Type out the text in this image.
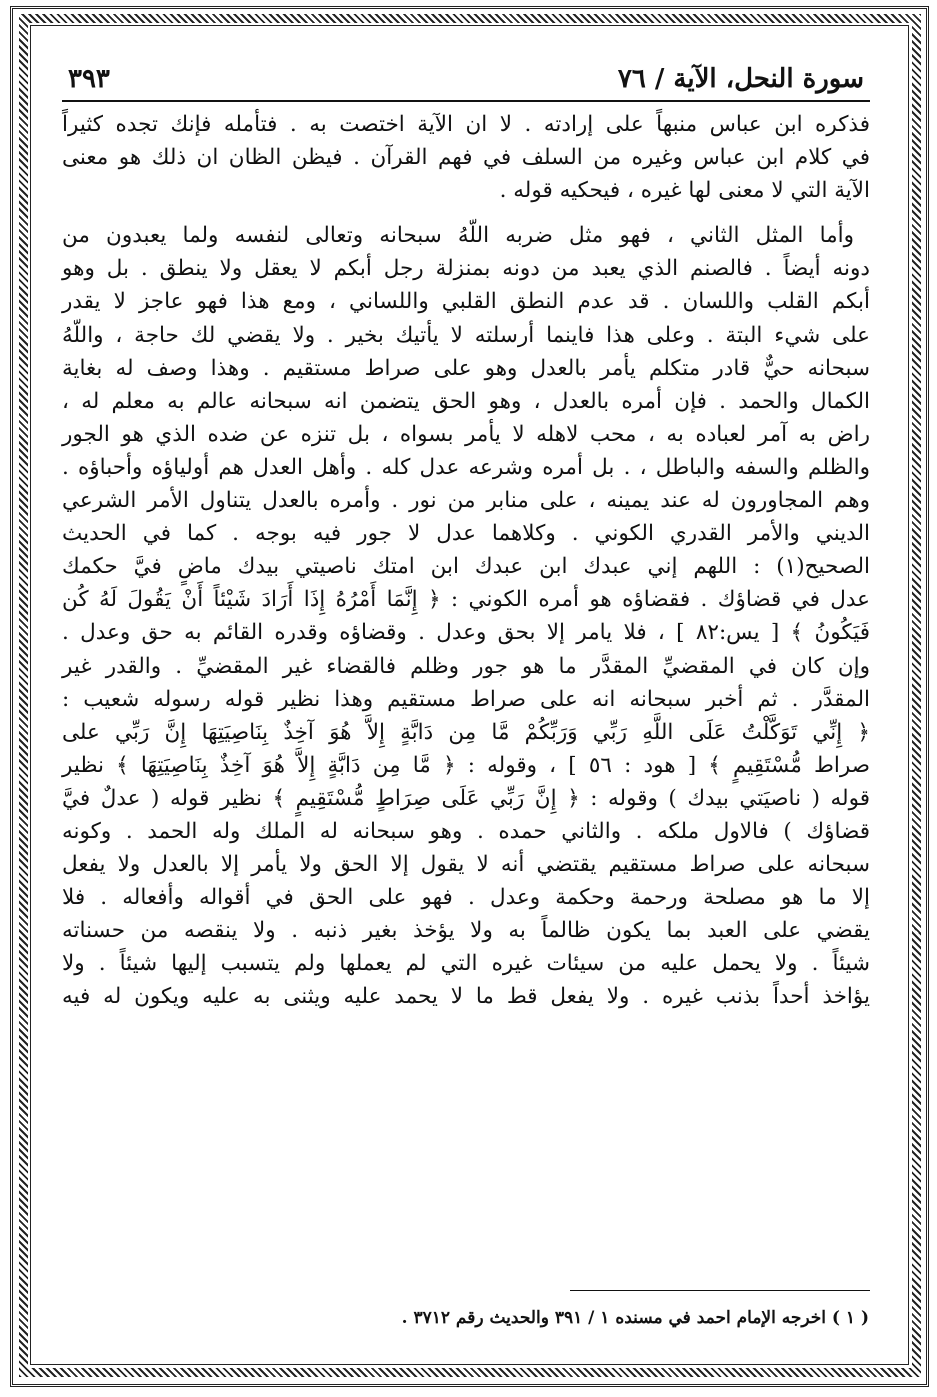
سورة النحل، الآية / ٧٦
٣٩٣

فذكره ابن عباس منبهاً على إرادته . لا ان الآية اختصت به . فتأمله فإنك تجده كثيراً

في كلام ابن عباس وغيره من السلف في فهم القرآن . فيظن الظان ان ذلك هو معنى

الآية التي لا معنى لها غيره ، فيحكيه قوله .

وأما المثل الثاني ، فهو مثل ضربه اللّهُ سبحانه وتعالى لنفسه ولما يعبدون من

دونه أيضاً . فالصنم الذي يعبد من دونه بمنزلة رجل أبكم لا يعقل ولا ينطق . بل وهو

أبكم القلب واللسان . قد عدم النطق القلبي واللساني ، ومع هذا فهو عاجز لا يقدر

على شيء البتة . وعلى هذا فاينما أرسلته لا يأتيك بخير . ولا يقضي لك حاجة ، واللّهُ

سبحانه حيٌّ قادر متكلم يأمر بالعدل وهو على صراط مستقيم . وهذا وصف له بغاية

الكمال والحمد . فإن أمره بالعدل ، وهو الحق يتضمن انه سبحانه عالم به معلم له ،

راض به آمر لعباده به ، محب لاهله لا يأمر بسواه ، بل تنزه عن ضده الذي هو الجور

والظلم والسفه والباطل ، . بل أمره وشرعه عدل كله . وأهل العدل هم أولياؤه وأحباؤه .

وهم المجاورون له عند يمينه ، على منابر من نور . وأمره بالعدل يتناول الأمر الشرعي

الديني والأمر القدري الكوني . وكلاهما عدل لا جور فيه بوجه . كما في الحديث

الصحيح(١) : اللهم إني عبدك ابن عبدك ابن امتك ناصيتي بيدك ماضٍ فيَّ حكمك

عدل في قضاؤك . فقضاؤه هو أمره الكوني : ﴿ إِنَّمَا أَمْرُهُ إِذَا أَرَادَ شَيْئاً أَنْ يَقُولَ لَهُ كُن

فَيَكُونُ ﴾ [ يس:٨٢ ] ، فلا يامر إلا بحق وعدل . وقضاؤه وقدره القائم به حق وعدل .

وإن كان في المقضيِّ المقدَّر ما هو جور وظلم فالقضاء غير المقضيِّ . والقدر غير

المقدَّر . ثم أخبر سبحانه انه على صراط مستقيم وهذا نظير قوله رسوله شعيب :

﴿ إِنِّي تَوَكَّلْتُ عَلَى اللَّهِ رَبِّي وَرَبِّكُمْ مَّا مِن دَابَّةٍ إِلاَّ هُوَ آخِذٌ بِنَاصِيَتِهَا إِنَّ رَبِّي على

صراط مُّسْتَقِيمٍ ﴾ [ هود : ٥٦ ] ، وقوله : ﴿ مَّا مِن دَابَّةٍ إِلاَّ هُوَ آخِذٌ بِنَاصِيَتِهَا ﴾ نظير

قوله ( ناصيَتي بيدك ) وقوله : ﴿ إِنَّ رَبِّي عَلَى صِرَاطٍ مُّسْتَقِيمٍ ﴾ نظير قوله ( عدلٌ فيَّ

قضاؤك ) فالاول ملكه . والثاني حمده . وهو سبحانه له الملك وله الحمد . وكونه

سبحانه على صراط مستقيم يقتضي أنه لا يقول إلا الحق ولا يأمر إلا بالعدل ولا يفعل

إلا ما هو مصلحة ورحمة وحكمة وعدل . فهو على الحق في أقواله وأفعاله . فلا

يقضي على العبد بما يكون ظالماً به ولا يؤخذ بغير ذنبه . ولا ينقصه من حسناته

شيئاً . ولا يحمل عليه من سيئات غيره التي لم يعملها ولم يتسبب إليها شيئاً . ولا

يؤاخذ أحداً بذنب غيره . ولا يفعل قط ما لا يحمد عليه ويثنى به عليه ويكون له فيه

( ١ ) اخرجه الإمام احمد في مسنده ١ / ٣٩١ والحديث رقم ٣٧١٢ .
